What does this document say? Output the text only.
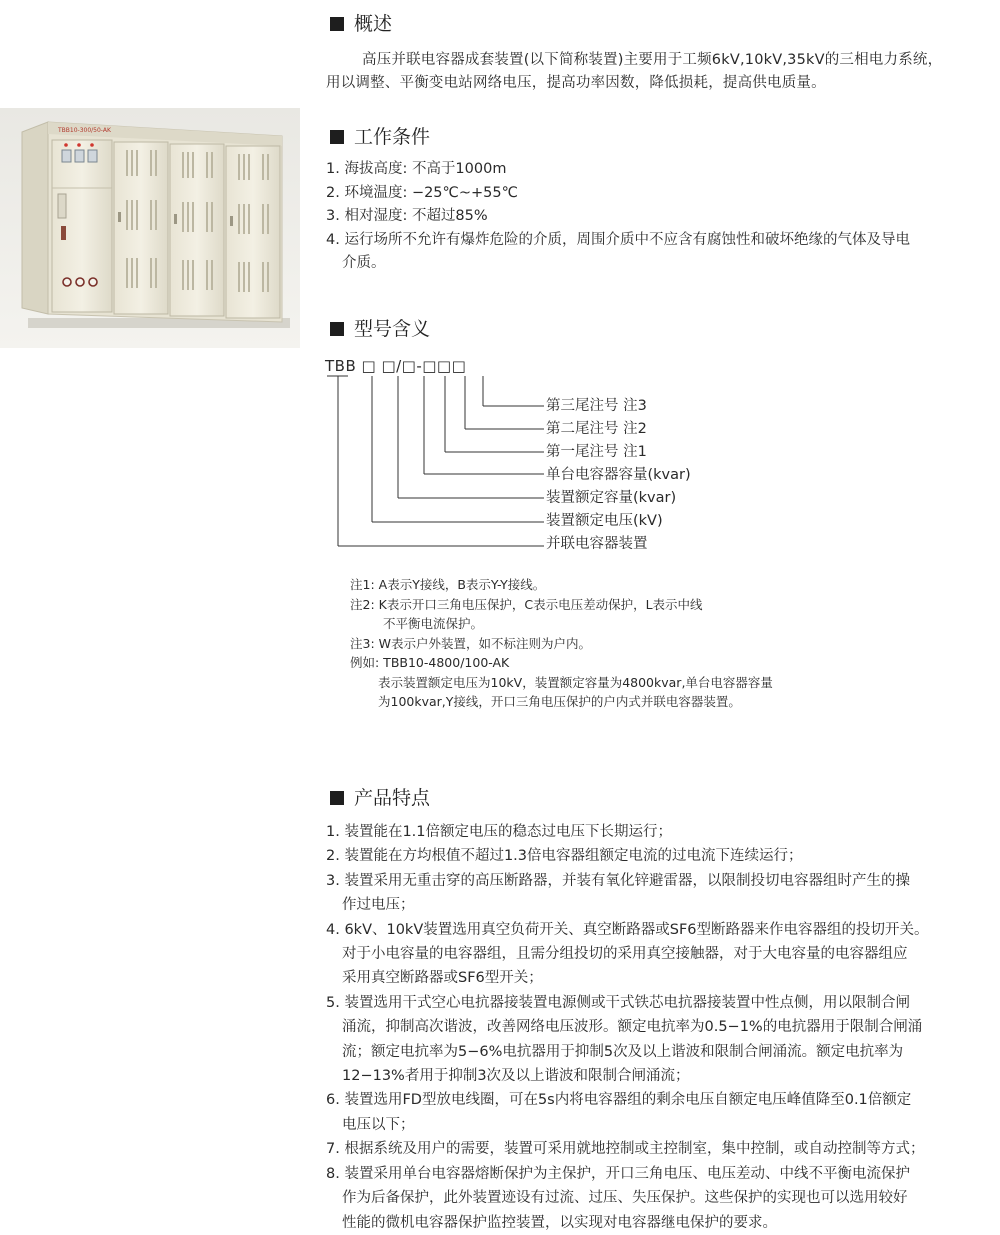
TBB10-300/50-AK
概述
高压并联电容器成套装置(以下简称装置)主要用于工频6kV,10kV,35kV的三相电力系统，
用以调整、平衡变电站网络电压，提高功率因数，降低损耗，提高供电质量。
工作条件
1. 海拔高度: 不高于1000m
2. 环境温度: −25℃~+55℃
3. 相对湿度: 不超过85%
4. 运行场所不允许有爆炸危险的介质，周围介质中不应含有腐蚀性和破坏绝缘的气体及导电
介质。
型号含义
TBB □ □/□-□□□
第三尾注号 注3
第二尾注号 注2
第一尾注号 注1
单台电容器容量(kvar)
装置额定容量(kvar)
装置额定电压(kV)
并联电容器装置
注1: A表示Y接线，B表示Y-Y接线。
注2: K表示开口三角电压保护，C表示电压差动保护，L表示中线
不平衡电流保护。
注3: W表示户外装置，如不标注则为户内。
例如: TBB10-4800/100-AK
表示装置额定电压为10kV，装置额定容量为4800kvar,单台电容器容量
为100kvar,Y接线，开口三角电压保护的户内式并联电容器装置。
产品特点
1. 装置能在1.1倍额定电压的稳态过电压下长期运行；
2. 装置能在方均根值不超过1.3倍电容器组额定电流的过电流下连续运行；
3. 装置采用无重击穿的高压断路器，并装有氧化锌避雷器，以限制投切电容器组时产生的操
作过电压；
4. 6kV、10kV装置选用真空负荷开关、真空断路器或SF6型断路器来作电容器组的投切开关。
对于小电容量的电容器组，且需分组投切的采用真空接触器，对于大电容量的电容器组应
采用真空断路器或SF6型开关；
5. 装置选用干式空心电抗器接装置电源侧或干式铁芯电抗器接装置中性点侧，用以限制合闸
涌流，抑制高次谐波，改善网络电压波形。额定电抗率为0.5−1%的电抗器用于限制合闸涌
流；额定电抗率为5−6%电抗器用于抑制5次及以上谐波和限制合闸涌流。额定电抗率为
12−13%者用于抑制3次及以上谐波和限制合闸涌流；
6. 装置选用FD型放电线圈，可在5s内将电容器组的剩余电压自额定电压峰值降至0.1倍额定
电压以下；
7. 根据系统及用户的需要，装置可采用就地控制或主控制室，集中控制，或自动控制等方式；
8. 装置采用单台电容器熔断保护为主保护，开口三角电压、电压差动、中线不平衡电流保护
作为后备保护，此外装置迹设有过流、过压、失压保护。这些保护的实现也可以选用较好
性能的微机电容器保护监控装置，以实现对电容器继电保护的要求。
